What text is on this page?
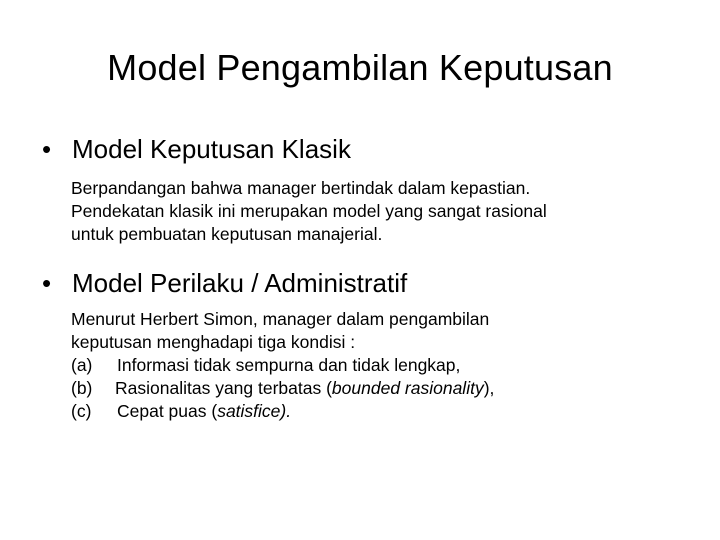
Model Pengambilan Keputusan
• Model Keputusan Klasik
Berpandangan bahwa manager bertindak dalam kepastian.
Pendekatan klasik ini merupakan model yang sangat rasional
untuk pembuatan keputusan manajerial.
• Model Perilaku / Administratif
Menurut Herbert Simon, manager dalam pengambilan
keputusan menghadapi tiga kondisi :
(a) Informasi tidak sempurna dan tidak lengkap,
(b) Rasionalitas yang terbatas (bounded rasionality),
(c) Cepat puas (satisfice).
